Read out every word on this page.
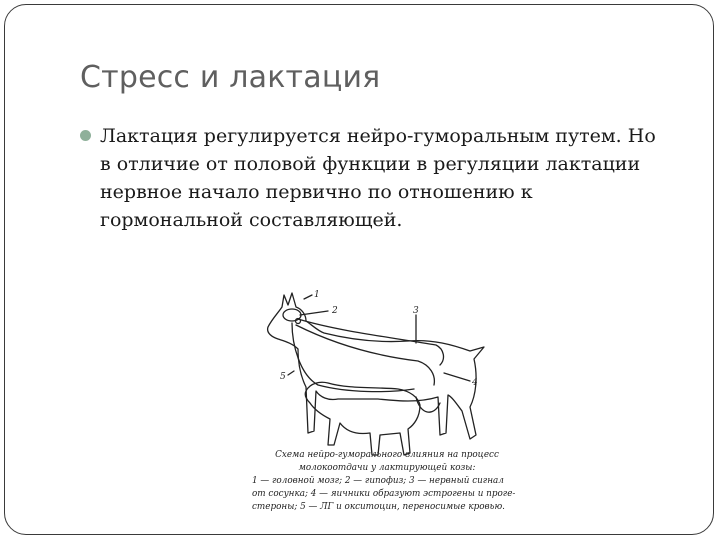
Стресс и лактация
Лактация регулируется нейро-гуморальным путем. Но в отличие от половой функции в регуляции лактации нервное начало первично по отношению к гормональной составляющей.
1
2	3
4
5
Схема нейро-гуморального влияния на процесс
молокоотдачи у лактирующей козы:
1 — головной мозг; 2 — гипофиз; 3 — нервный сигнал
от сосунка; 4 — яичники образуют эстрогены и проге-
стероны; 5 — ЛГ и окситоцин, переносимые кровью.
